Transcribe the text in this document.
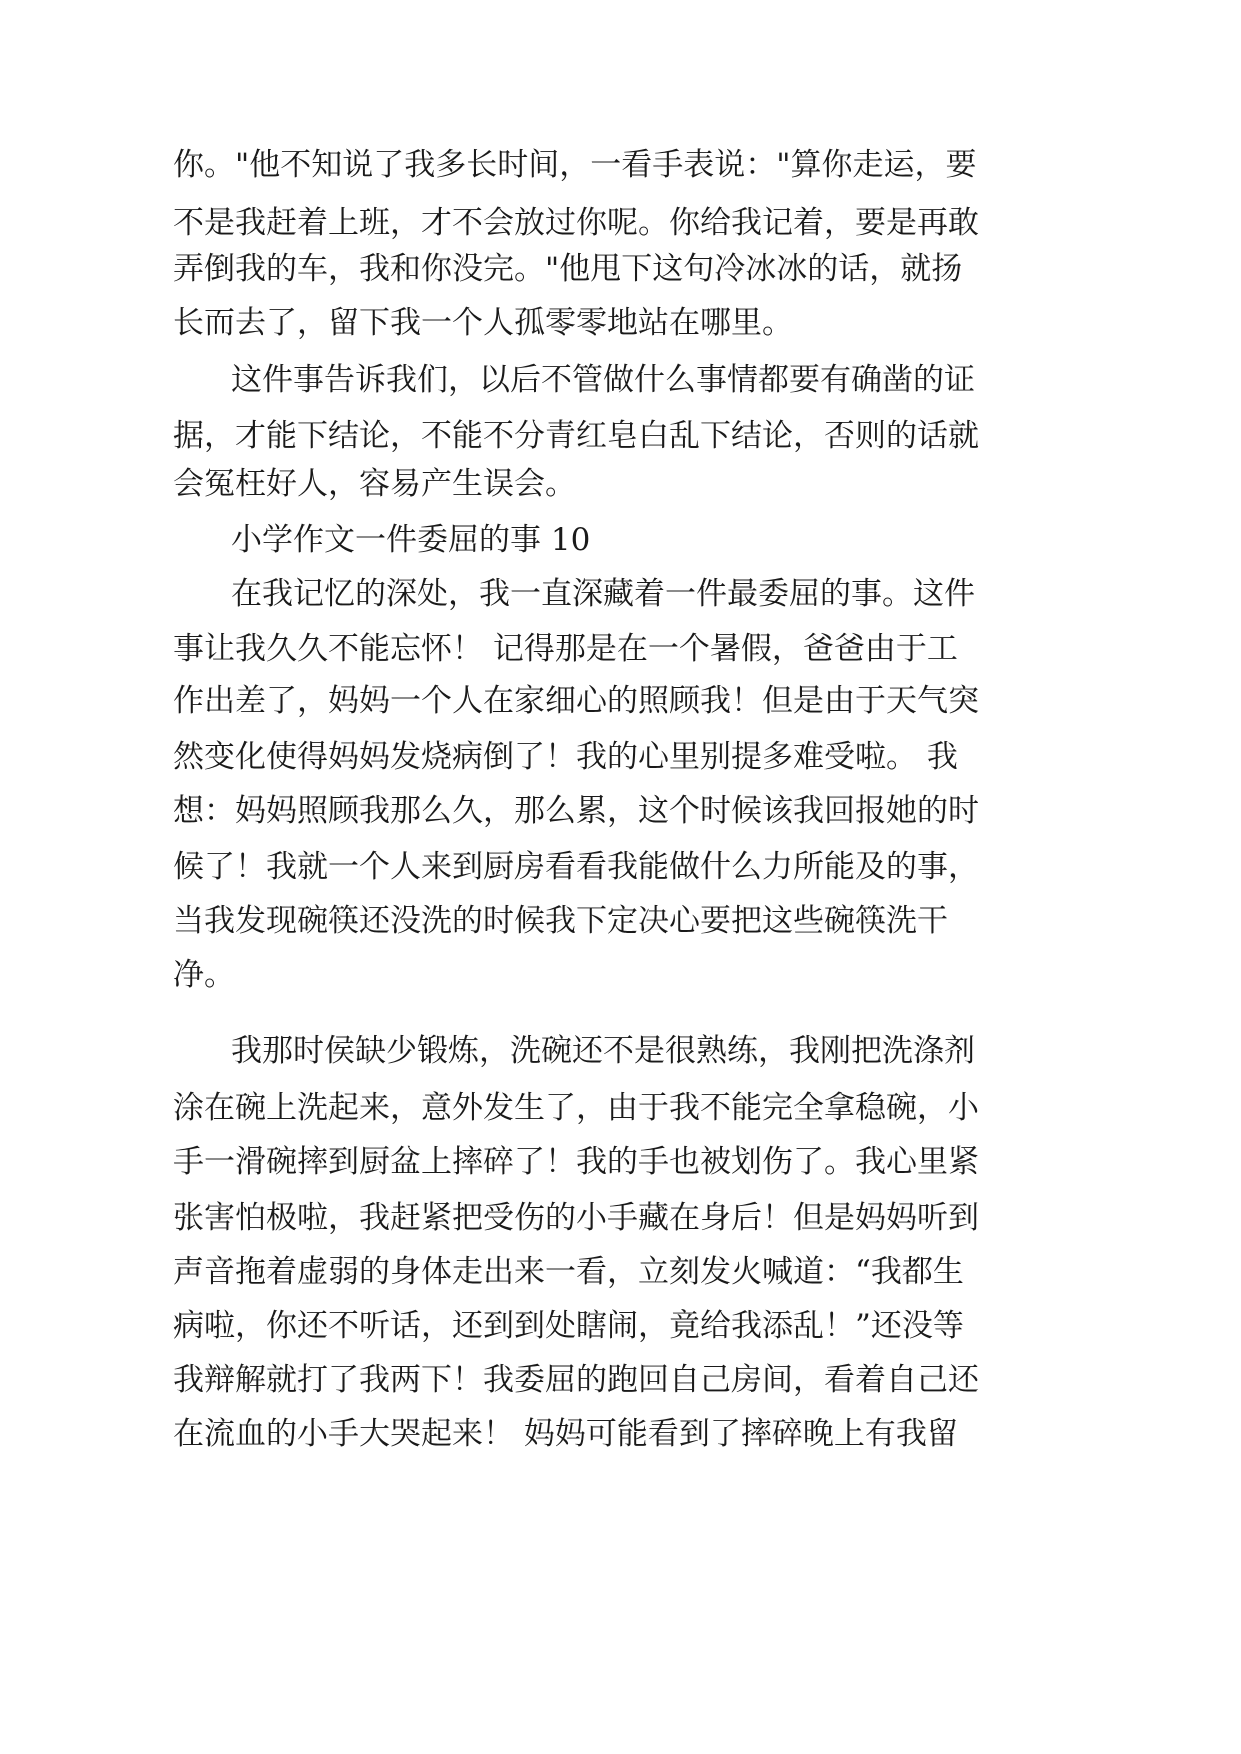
你。"他不知说了我多长时间，一看手表说："算你走运，要
不是我赶着上班，才不会放过你呢。你给我记着，要是再敢
弄倒我的车，我和你没完。"他甩下这句冷冰冰的话，就扬
长而去了，留下我一个人孤零零地站在哪里。
这件事告诉我们，以后不管做什么事情都要有确凿的证
据，才能下结论，不能不分青红皂白乱下结论，否则的话就
会冤枉好人，容易产生误会。
小学作文一件委屈的事 10
在我记忆的深处，我一直深藏着一件最委屈的事。这件
事让我久久不能忘怀！ 记得那是在一个暑假，爸爸由于工
作出差了，妈妈一个人在家细心的照顾我！但是由于天气突
然变化使得妈妈发烧病倒了！我的心里别提多难受啦。 我
想：妈妈照顾我那么久，那么累，这个时候该我回报她的时
候了！我就一个人来到厨房看看我能做什么力所能及的事，
当我发现碗筷还没洗的时候我下定决心要把这些碗筷洗干
净。
我那时侯缺少锻炼，洗碗还不是很熟练，我刚把洗涤剂
涂在碗上洗起来，意外发生了，由于我不能完全拿稳碗，小
手一滑碗摔到厨盆上摔碎了！我的手也被划伤了。我心里紧
张害怕极啦，我赶紧把受伤的小手藏在身后！但是妈妈听到
声音拖着虚弱的身体走出来一看，立刻发火喊道：“我都生
病啦，你还不听话，还到到处瞎闹，竟给我添乱！”还没等
我辩解就打了我两下！我委屈的跑回自己房间，看着自己还
在流血的小手大哭起来！ 妈妈可能看到了摔碎晚上有我留
